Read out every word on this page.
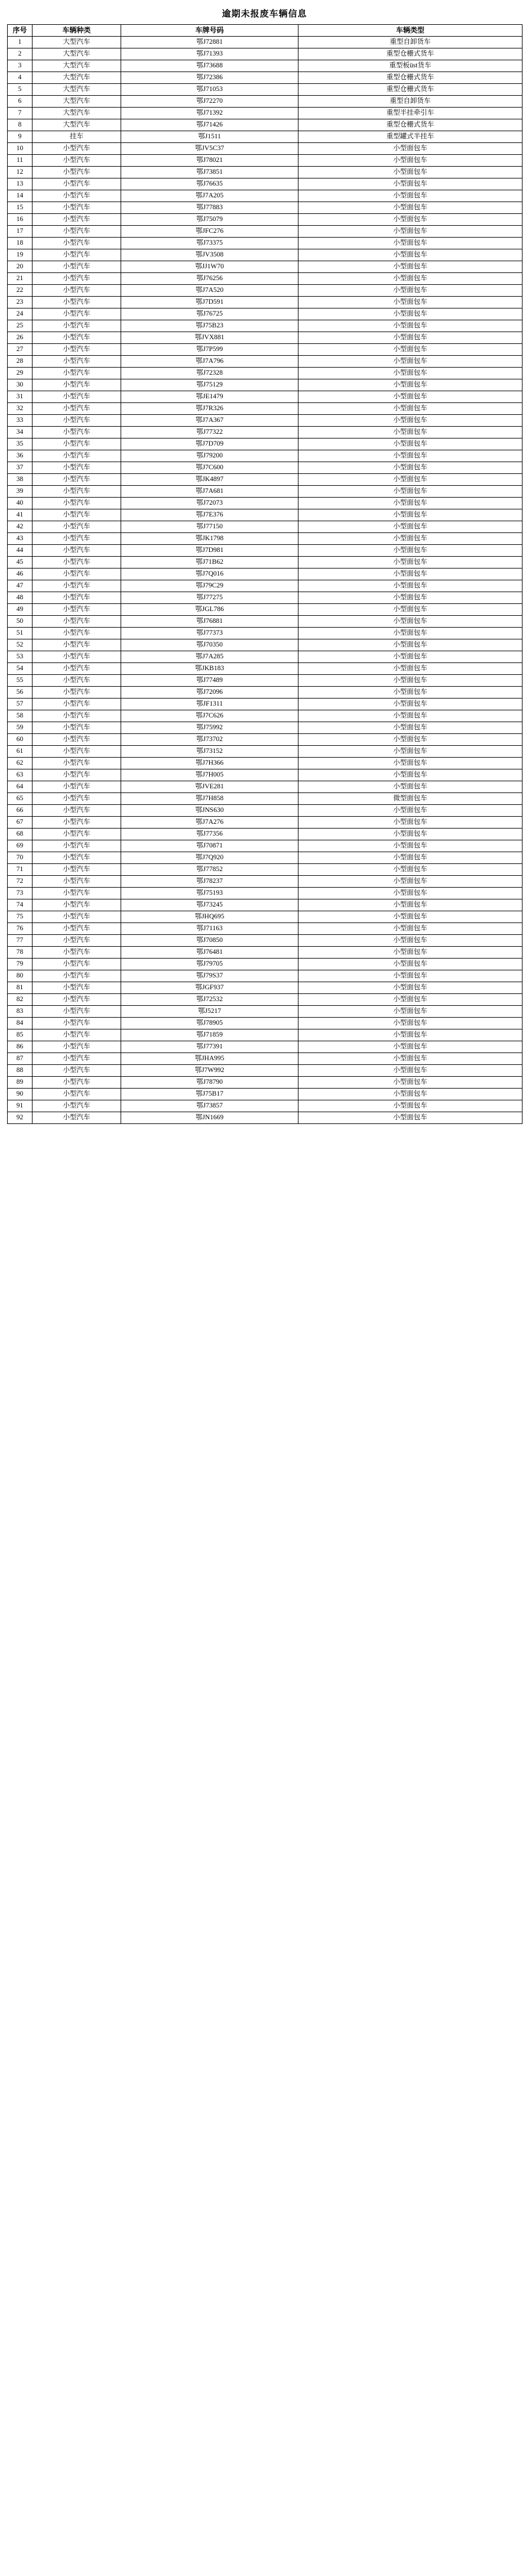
逾期未报废车辆信息
序号	车辆种类	车牌号码	车辆类型
1	大型汽车	鄂J72881	重型自卸货车
2	大型汽车	鄂J71393	重型仓栅式货车
3	大型汽车	鄂J73688	重型板üst货车
4	大型汽车	鄂J72386	重型仓栅式货车
5	大型汽车	鄂J71053	重型仓栅式货车
6	大型汽车	鄂J72270	重型自卸货车
7	大型汽车	鄂J71392	重型半挂牵引车
8	大型汽车	鄂J71426	重型仓栅式货车
9	挂车	鄂J1511	重型罐式半挂车
10	小型汽车	鄂JV5C37	小型面包车
11	小型汽车	鄂J78021	小型面包车
12	小型汽车	鄂J73851	小型面包车
13	小型汽车	鄂J76635	小型面包车
14	小型汽车	鄂J7A205	小型面包车
15	小型汽车	鄂J77883	小型面包车
16	小型汽车	鄂J75079	小型面包车
17	小型汽车	鄂JFC276	小型面包车
18	小型汽车	鄂J73375	小型面包车
19	小型汽车	鄂JV3508	小型面包车
20	小型汽车	鄂JJ1W70	小型面包车
21	小型汽车	鄂J76256	小型面包车
22	小型汽车	鄂J7A520	小型面包车
23	小型汽车	鄂J7D591	小型面包车
24	小型汽车	鄂J76725	小型面包车
25	小型汽车	鄂J75B23	小型面包车
26	小型汽车	鄂JVX881	小型面包车
27	小型汽车	鄂J7P599	小型面包车
28	小型汽车	鄂J7A796	小型面包车
29	小型汽车	鄂J72328	小型面包车
30	小型汽车	鄂J75129	小型面包车
31	小型汽车	鄂JE1479	小型面包车
32	小型汽车	鄂J7R326	小型面包车
33	小型汽车	鄂J7A367	小型面包车
34	小型汽车	鄂J77322	小型面包车
35	小型汽车	鄂J7D709	小型面包车
36	小型汽车	鄂J79200	小型面包车
37	小型汽车	鄂J7C600	小型面包车
38	小型汽车	鄂JK4897	小型面包车
39	小型汽车	鄂J7A681	小型面包车
40	小型汽车	鄂J72073	小型面包车
41	小型汽车	鄂J7E376	小型面包车
42	小型汽车	鄂J77150	小型面包车
43	小型汽车	鄂JK1798	小型面包车
44	小型汽车	鄂J7D981	小型面包车
45	小型汽车	鄂J71B62	小型面包车
46	小型汽车	鄂J7Q016	小型面包车
47	小型汽车	鄂J79C29	小型面包车
48	小型汽车	鄂J77275	小型面包车
49	小型汽车	鄂JGL786	小型面包车
50	小型汽车	鄂J76881	小型面包车
51	小型汽车	鄂J77373	小型面包车
52	小型汽车	鄂J70350	小型面包车
53	小型汽车	鄂J7A285	小型面包车
54	小型汽车	鄂JKB183	小型面包车
55	小型汽车	鄂J77489	小型面包车
56	小型汽车	鄂J72096	小型面包车
57	小型汽车	鄂JF1311	小型面包车
58	小型汽车	鄂J7C626	小型面包车
59	小型汽车	鄂J75992	小型面包车
60	小型汽车	鄂J73702	小型面包车
61	小型汽车	鄂J73152	小型面包车
62	小型汽车	鄂J7H366	小型面包车
63	小型汽车	鄂J7H005	小型面包车
64	小型汽车	鄂JVE281	小型面包车
65	小型汽车	鄂J7H858	微型面包车
66	小型汽车	鄂JNS630	小型面包车
67	小型汽车	鄂J7A276	小型面包车
68	小型汽车	鄂J77356	小型面包车
69	小型汽车	鄂J70871	小型面包车
70	小型汽车	鄂J7Q920	小型面包车
71	小型汽车	鄂J77852	小型面包车
72	小型汽车	鄂J78237	小型面包车
73	小型汽车	鄂J75193	小型面包车
74	小型汽车	鄂J73245	小型面包车
75	小型汽车	鄂JHQ695	小型面包车
76	小型汽车	鄂J71163	小型面包车
77	小型汽车	鄂J70850	小型面包车
78	小型汽车	鄂J76481	小型面包车
79	小型汽车	鄂J79705	小型面包车
80	小型汽车	鄂J79S37	小型面包车
81	小型汽车	鄂JGF937	小型面包车
82	小型汽车	鄂J72532	小型面包车
83	小型汽车	鄂J5217	小型面包车
84	小型汽车	鄂J78905	小型面包车
85	小型汽车	鄂J71859	小型面包车
86	小型汽车	鄂J77391	小型面包车
87	小型汽车	鄂JHA995	小型面包车
88	小型汽车	鄂J7W992	小型面包车
89	小型汽车	鄂J78790	小型面包车
90	小型汽车	鄂J75B17	小型面包车
91	小型汽车	鄂J73857	小型面包车
92	小型汽车	鄂JN1669	小型面包车
